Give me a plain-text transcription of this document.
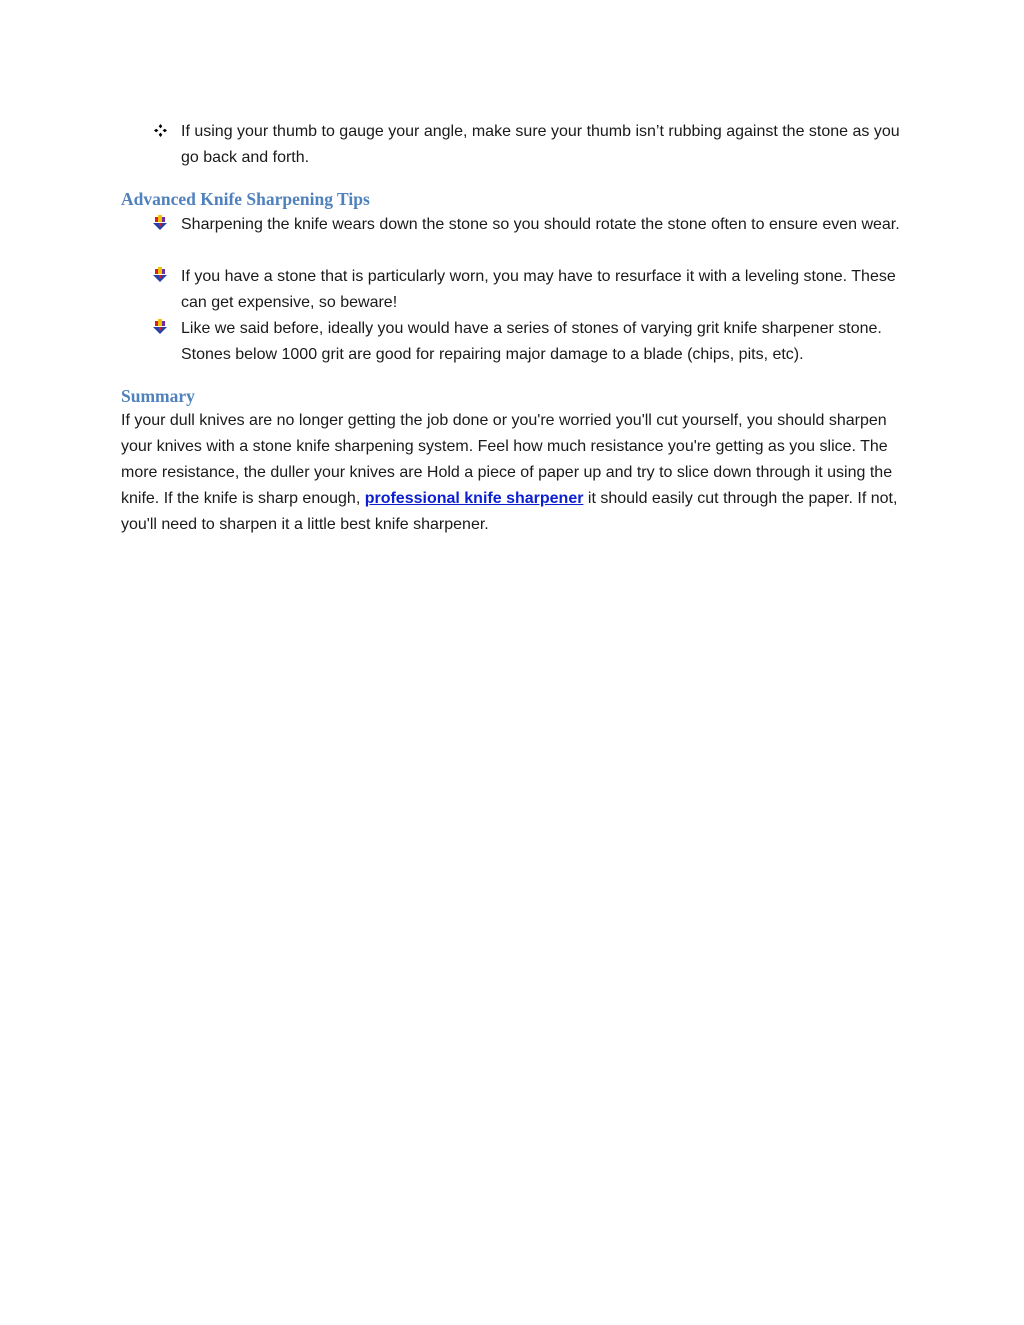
If using your thumb to gauge your angle, make sure your thumb isn’t rubbing against the stone as you go back and forth.
Advanced Knife Sharpening Tips
Sharpening the knife wears down the stone so you should rotate the stone often to ensure even wear.
If you have a stone that is particularly worn, you may have to resurface it with a leveling stone. These can get expensive, so beware!
Like we said before, ideally you would have a series of stones of varying grit knife sharpener stone. Stones below 1000 grit are good for repairing major damage to a blade (chips, pits, etc).
Summary
If your dull knives are no longer getting the job done or you're worried you'll cut yourself, you should sharpen your knives with a stone knife sharpening system. Feel how much resistance you're getting as you slice. The more resistance, the duller your knives are Hold a piece of paper up and try to slice down through it using the knife. If the knife is sharp enough, professional knife sharpener it should easily cut through the paper. If not, you'll need to sharpen it a little best knife sharpener.
